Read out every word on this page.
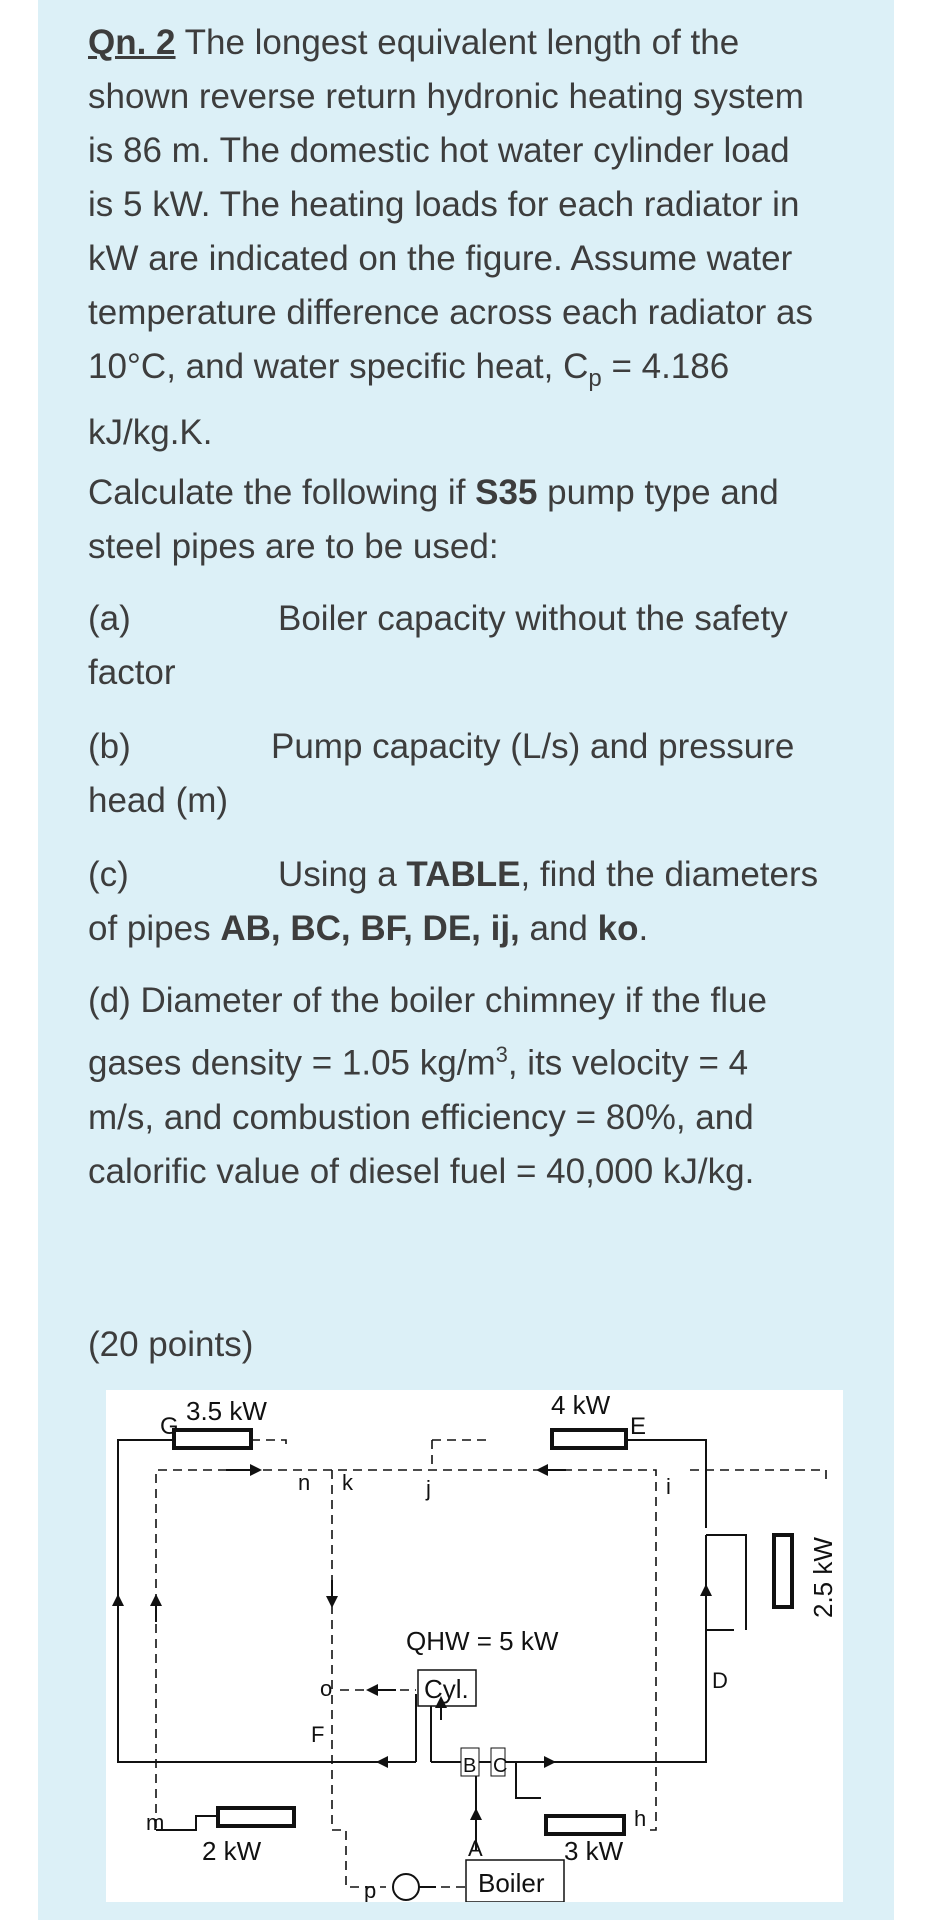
Qn. 2 The longest equivalent length of the
shown reverse return hydronic heating system
is 86 m. The domestic hot water cylinder load
is 5 kW. The heating loads for each radiator in
kW are indicated on the figure. Assume water
temperature difference across each radiator as
10°C, and water specific heat, $C_p = 4.186$
kJ/kg.K.
Calculate the following if S35 pump type and
steel pipes are to be used:
(a)	Boiler capacity without the safety
factor
(b)	Pump capacity (L/s) and pressure
head (m)
(c)	Using a TABLE, find the diameters
of pipes AB, BC, BF, DE, ij, and ko.
(d) Diameter of the boiler chimney if the flue
gases density = 1.05 $kg/m^3$, its velocity = 4
m/s, and combustion efficiency = 80%, and
calorific value of diesel fuel = 40,000 kJ/kg.
(20 points)
3.5 kW	4 kW
2 kW	3 kW
2.5 kW
QHW = 5 kW
Cyl.
Boiler
G	E
n k	j	i
D
o
F
B C
m
A
h
p
